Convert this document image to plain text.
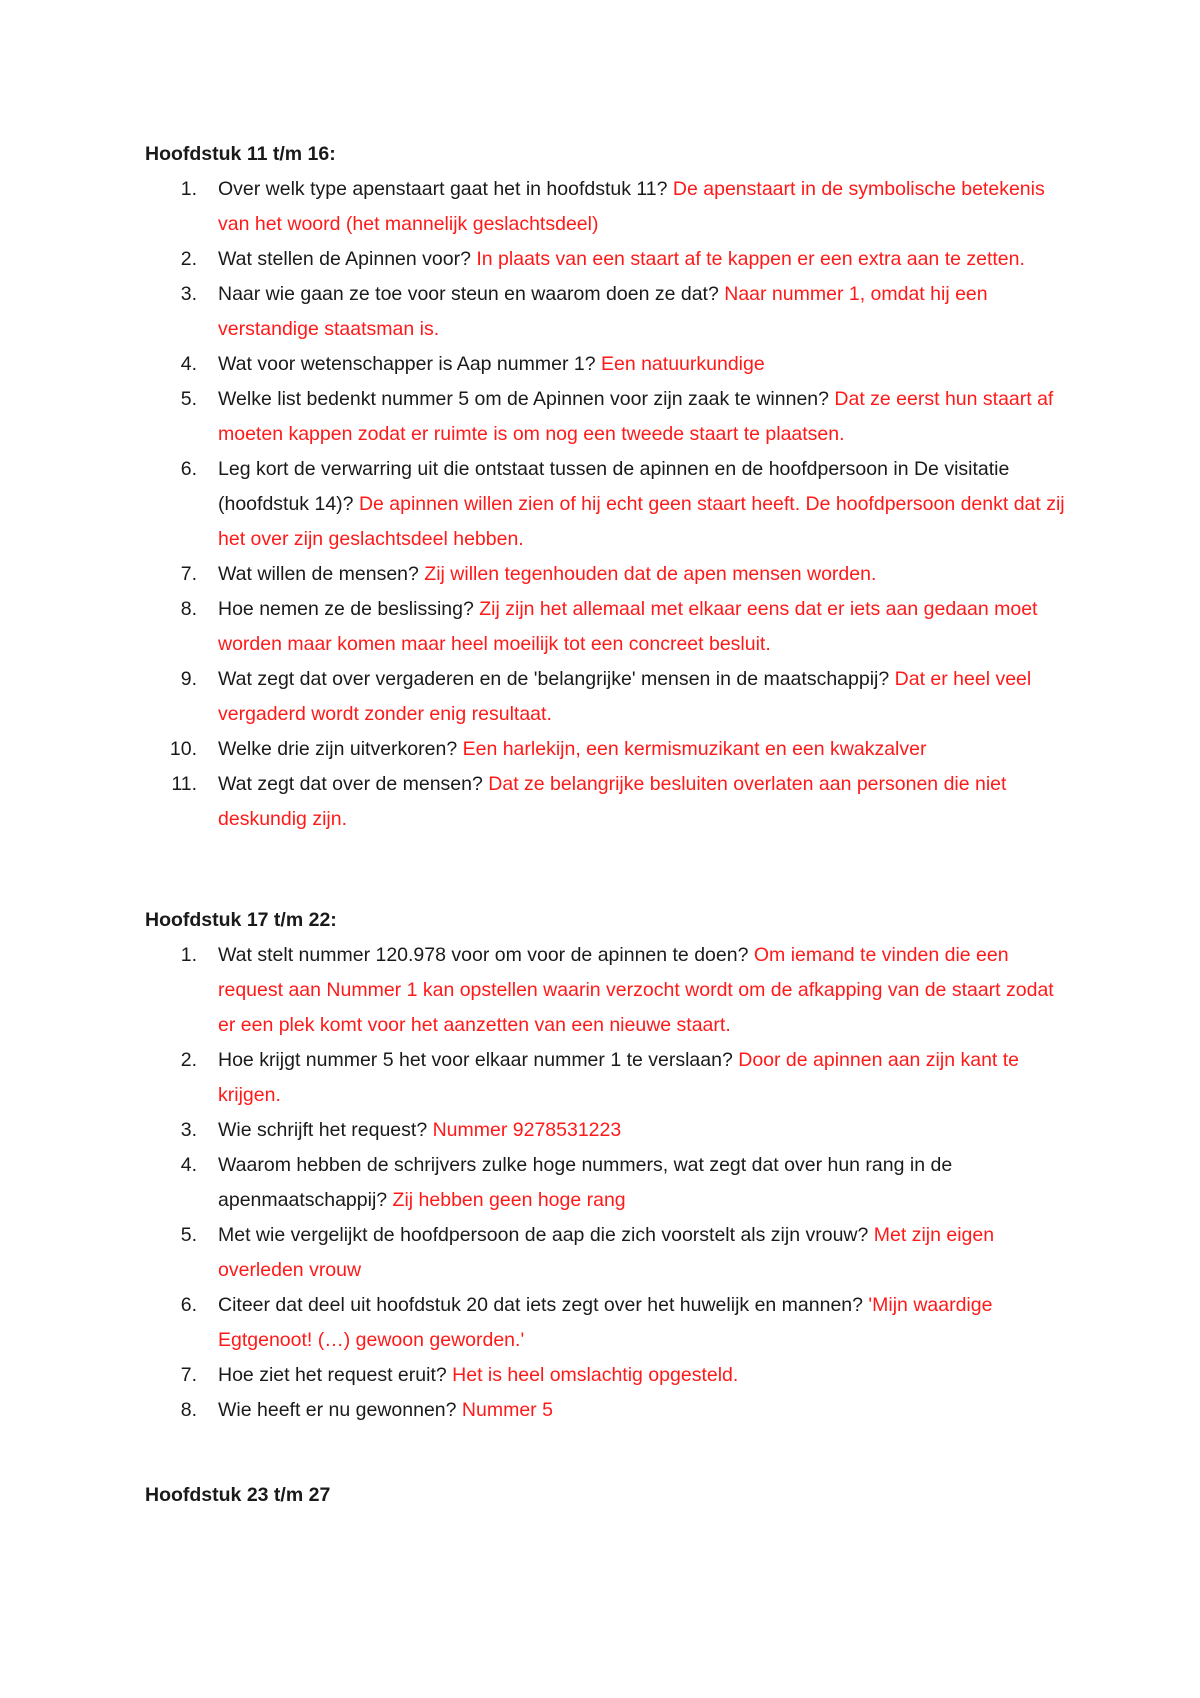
Hoofdstuk 11 t/m 16:

1. Over welk type apenstaart gaat het in hoofdstuk 11? De apenstaart in de symbolische betekenis van het woord (het mannelijk geslachtsdeel)
2. Wat stellen de Apinnen voor? In plaats van een staart af te kappen er een extra aan te zetten.
3. Naar wie gaan ze toe voor steun en waarom doen ze dat? Naar nummer 1, omdat hij een verstandige staatsman is.
4. Wat voor wetenschapper is Aap nummer 1? Een natuurkundige
5. Welke list bedenkt nummer 5 om de Apinnen voor zijn zaak te winnen? Dat ze eerst hun staart af moeten kappen zodat er ruimte is om nog een tweede staart te plaatsen.
6. Leg kort de verwarring uit die ontstaat tussen de apinnen en de hoofdpersoon in De visitatie (hoofdstuk 14)? De apinnen willen zien of hij echt geen staart heeft. De hoofdpersoon denkt dat zij het over zijn geslachtsdeel hebben.
7. Wat willen de mensen? Zij willen tegenhouden dat de apen mensen worden.
8. Hoe nemen ze de beslissing? Zij zijn het allemaal met elkaar eens dat er iets aan gedaan moet worden maar komen maar heel moeilijk tot een concreet besluit.
9. Wat zegt dat over vergaderen en de 'belangrijke' mensen in de maatschappij? Dat er heel veel vergaderd wordt zonder enig resultaat.
10. Welke drie zijn uitverkoren? Een harlekijn, een kermismuzikant en een kwakzalver
11. Wat zegt dat over de mensen? Dat ze belangrijke besluiten overlaten aan personen die niet deskundig zijn.

Hoofdstuk 17 t/m 22:

1. Wat stelt nummer 120.978 voor om voor de apinnen te doen? Om iemand te vinden die een request aan Nummer 1 kan opstellen waarin verzocht wordt om de afkapping van de staart zodat er een plek komt voor het aanzetten van een nieuwe staart.
2. Hoe krijgt nummer 5 het voor elkaar nummer 1 te verslaan? Door de apinnen aan zijn kant te krijgen.
3. Wie schrijft het request? Nummer 9278531223
4. Waarom hebben de schrijvers zulke hoge nummers, wat zegt dat over hun rang in de apenmaatschappij? Zij hebben geen hoge rang
5. Met wie vergelijkt de hoofdpersoon de aap die zich voorstelt als zijn vrouw? Met zijn eigen overleden vrouw
6. Citeer dat deel uit hoofdstuk 20 dat iets zegt over het huwelijk en mannen? 'Mijn waardige Egtgenoot! (…) gewoon geworden.'
7. Hoe ziet het request eruit? Het is heel omslachtig opgesteld.
8. Wie heeft er nu gewonnen? Nummer 5

Hoofdstuk 23 t/m 27
